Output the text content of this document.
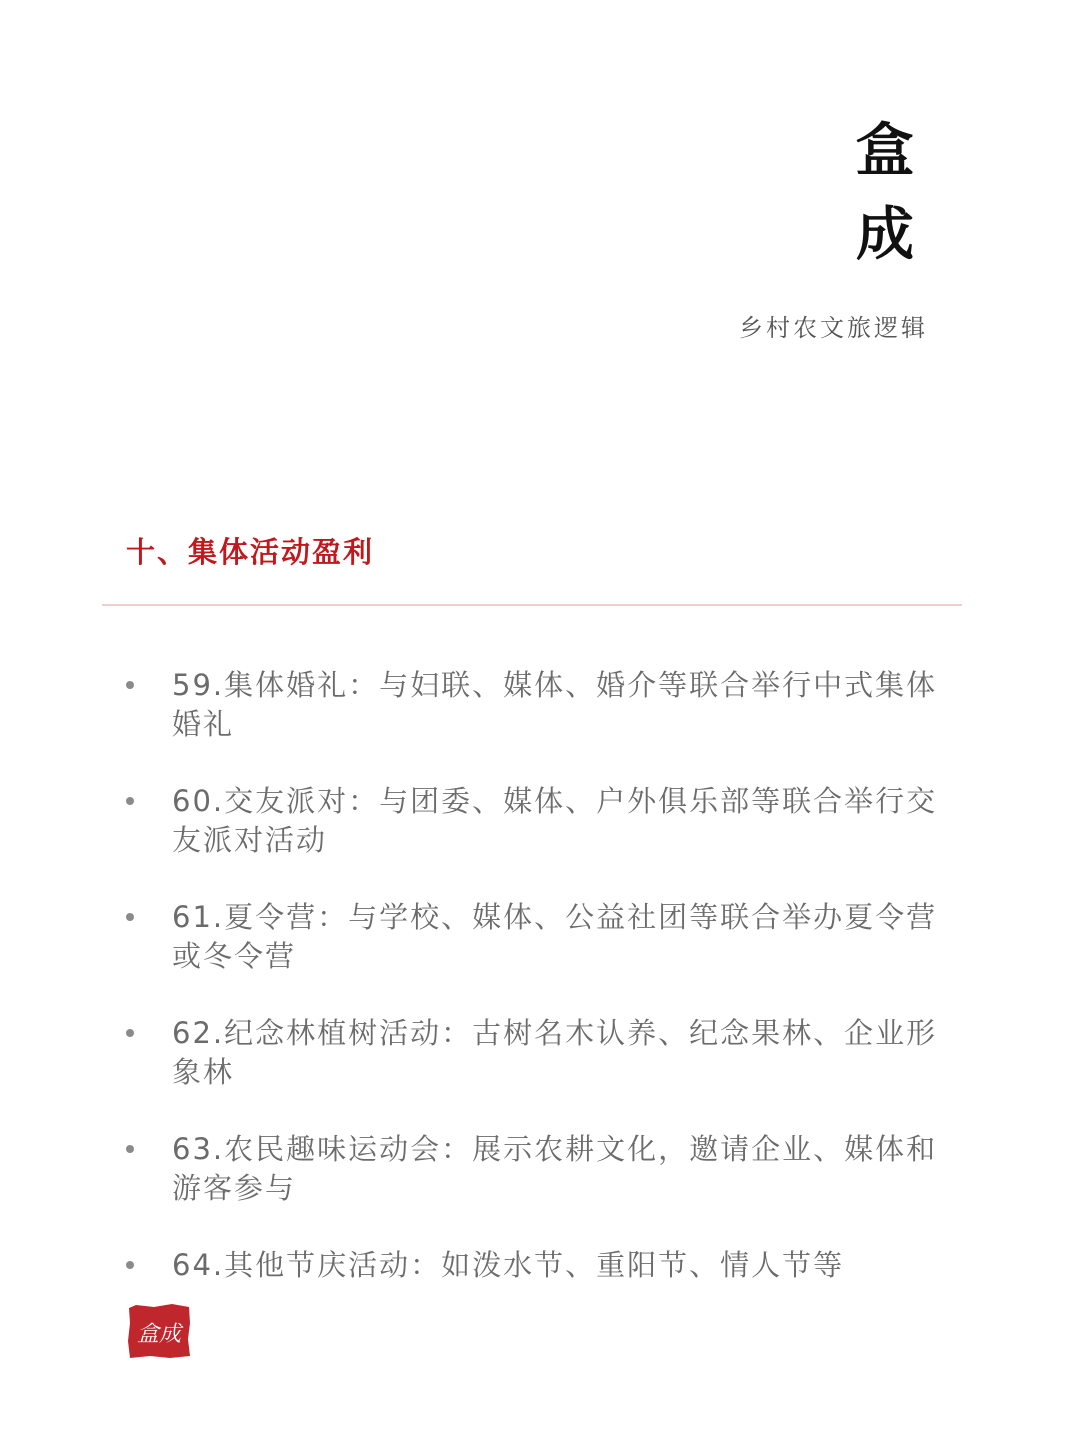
盒
成
乡村农文旅逻辑
十、集体活动盈利
59.集体婚礼：与妇联、媒体、婚介等联合举行中式集体婚礼
60.交友派对：与团委、媒体、户外俱乐部等联合举行交友派对活动
61.夏令营：与学校、媒体、公益社团等联合举办夏令营或冬令营
62.纪念林植树活动：古树名木认养、纪念果林、企业形象林
63.农民趣味运动会：展示农耕文化，邀请企业、媒体和游客参与
64.其他节庆活动：如泼水节、重阳节、情人节等
盒成
